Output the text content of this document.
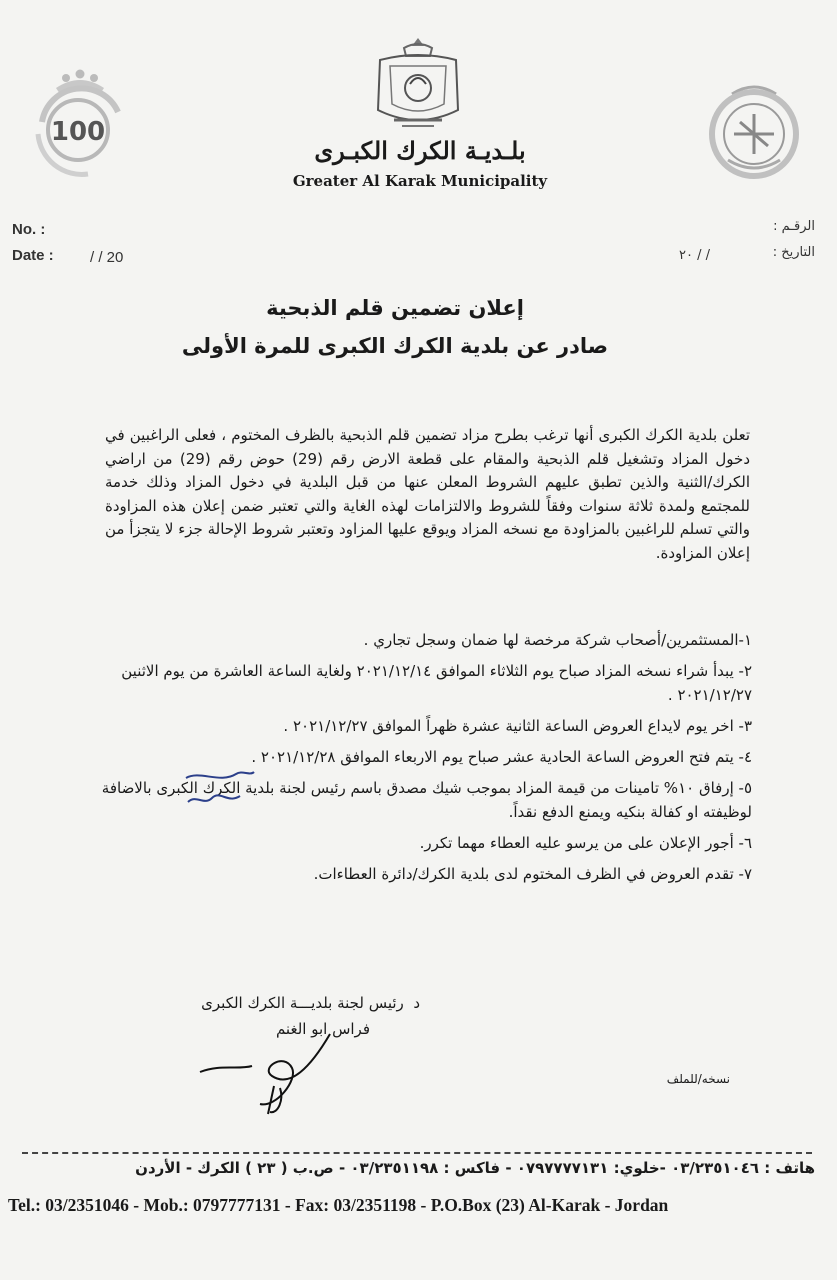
100
بلـديـة الكرك الكبـرى
Greater Al Karak Municipality
No. :
Date : / / 20
الرقـم :
التاريخ :
/ / ٢٠
إعلان تضمين قلم الذبحية
صادر عن بلدية الكرك الكبرى للمرة الأولى
تعلن بلدية الكرك الكبرى أنها ترغب بطرح مزاد تضمين قلم الذبحية بالظرف المختوم ، فعلى الراغبين في دخول المزاد وتشغيل قلم الذبحية والمقام على قطعة الارض رقم (29) حوض رقم (29) من اراضي الكرك/الثنية والذين تطبق عليهم الشروط المعلن عنها من قبل البلدية في دخول المزاد وذلك خدمة للمجتمع ولمدة ثلاثة سنوات وفقاً للشروط والالتزامات لهذه الغاية والتي تعتبر ضمن إعلان هذه المزاودة والتي تسلم للراغبين بالمزاودة مع نسخه المزاد ويوقع عليها المزاود وتعتبر شروط الإحالة جزء لا يتجزأ من إعلان المزاودة.
١-المستثمرين/أصحاب شركة مرخصة لها ضمان وسجل تجاري .
٢- يبدأ شراء نسخه المزاد صباح يوم الثلاثاء الموافق ٢٠٢١/١٢/١٤ ولغاية الساعة العاشرة من يوم الاثنين ٢٠٢١/١٢/٢٧ .
٣- اخر يوم لايداع العروض الساعة الثانية عشرة ظهراً الموافق ٢٠٢١/١٢/٢٧ .
٤- يتم فتح العروض الساعة الحادية عشر صباح يوم الاربعاء الموافق ٢٠٢١/١٢/٢٨ .
٥- إرفاق ١٠% تامينات من قيمة المزاد بموجب شيك مصدق باسم رئيس لجنة بلدية الكرك الكبرى بالاضافة لوظيفته او كفالة بنكيه ويمنع الدفع نقداً.
٦- أجور الإعلان على من يرسو عليه العطاء مهما تكرر.
٧- تقدم العروض في الظرف المختوم لدى بلدية الكرك/دائرة العطاءات.
د  رئيس لجنة بلديـــة الكرك الكبرى
فراس ابو الغنم
نسخه/للملف
هاتف : ٠٣/٢٣٥١٠٤٦ -خلوي: ٠٧٩٧٧٧٧١٣١ - فاكس : ٠٣/٢٣٥١١٩٨ - ص.ب ( ٢٣ ) الكرك - الأردن
Tel.: 03/2351046 - Mob.: 0797777131 - Fax: 03/2351198 - P.O.Box (23) Al-Karak - Jordan
